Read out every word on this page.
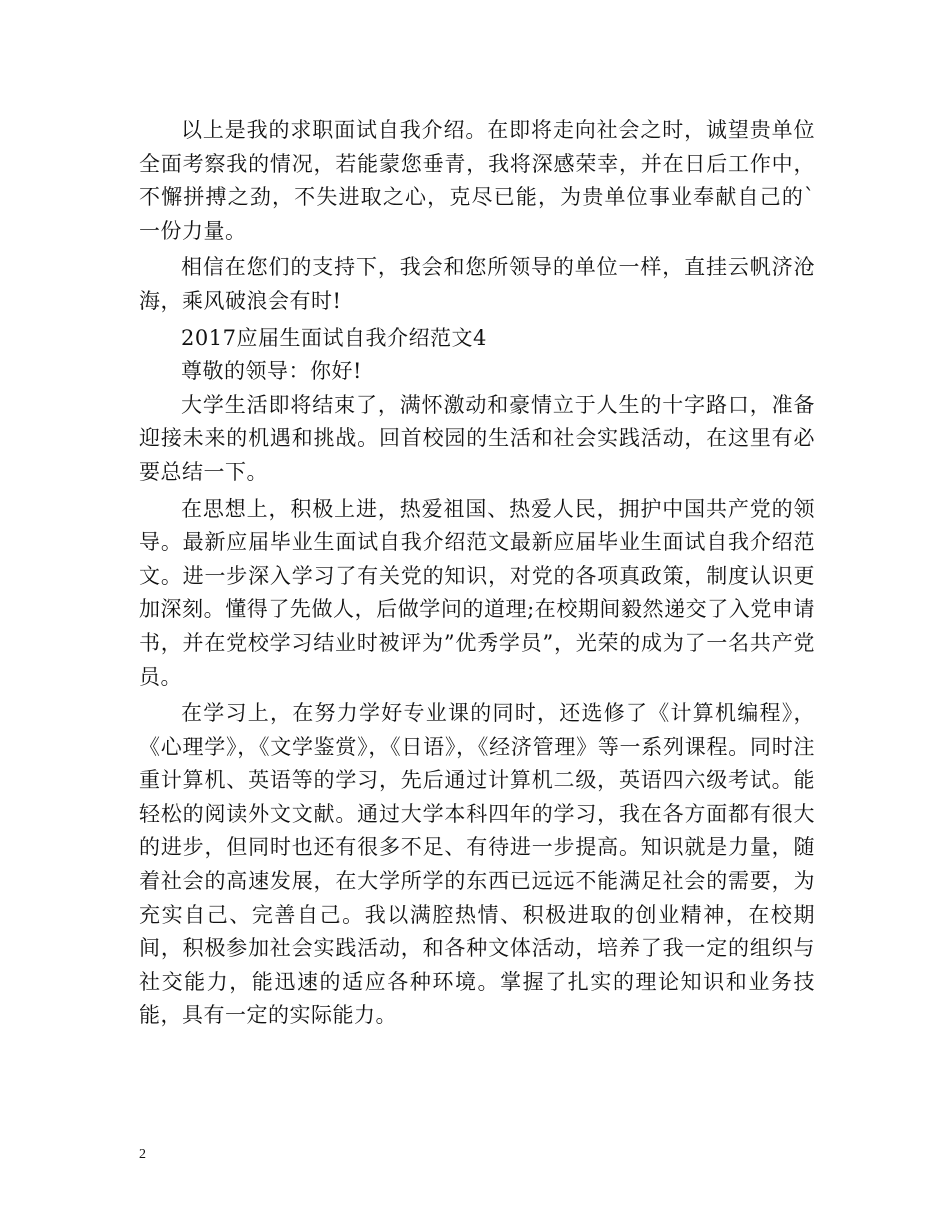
以上是我的求职面试自我介绍。在即将走向社会之时，诚望贵单位全面考察我的情况，若能蒙您垂青，我将深感荣幸，并在日后工作中，不懈拼搏之劲，不失进取之心，克尽已能，为贵单位事业奉献自己的`一份力量。

相信在您们的支持下，我会和您所领导的单位一样，直挂云帆济沧海，乘风破浪会有时!

2017应届生面试自我介绍范文4

尊敬的领导：你好!

大学生活即将结束了，满怀激动和豪情立于人生的十字路口，准备迎接未来的机遇和挑战。回首校园的生活和社会实践活动，在这里有必要总结一下。

在思想上，积极上进，热爱祖国、热爱人民，拥护中国共产党的领导。最新应届毕业生面试自我介绍范文最新应届毕业生面试自我介绍范文。进一步深入学习了有关党的知识，对党的各项真政策，制度认识更加深刻。懂得了先做人，后做学问的道理;在校期间毅然递交了入党申请书，并在党校学习结业时被评为”优秀学员”，光荣的成为了一名共产党员。

在学习上，在努力学好专业课的同时，还选修了《计算机编程》，《心理学》，《文学鉴赏》，《日语》，《经济管理》等一系列课程。同时注重计算机、英语等的学习，先后通过计算机二级，英语四六级考试。能轻松的阅读外文文献。通过大学本科四年的学习，我在各方面都有很大的进步，但同时也还有很多不足、有待进一步提高。知识就是力量，随着社会的高速发展，在大学所学的东西已远远不能满足社会的需要，为充实自己、完善自己。我以满腔热情、积极进取的创业精神，在校期间，积极参加社会实践活动，和各种文体活动，培养了我一定的组织与社交能力，能迅速的适应各种环境。掌握了扎实的理论知识和业务技能，具有一定的实际能力。

2
